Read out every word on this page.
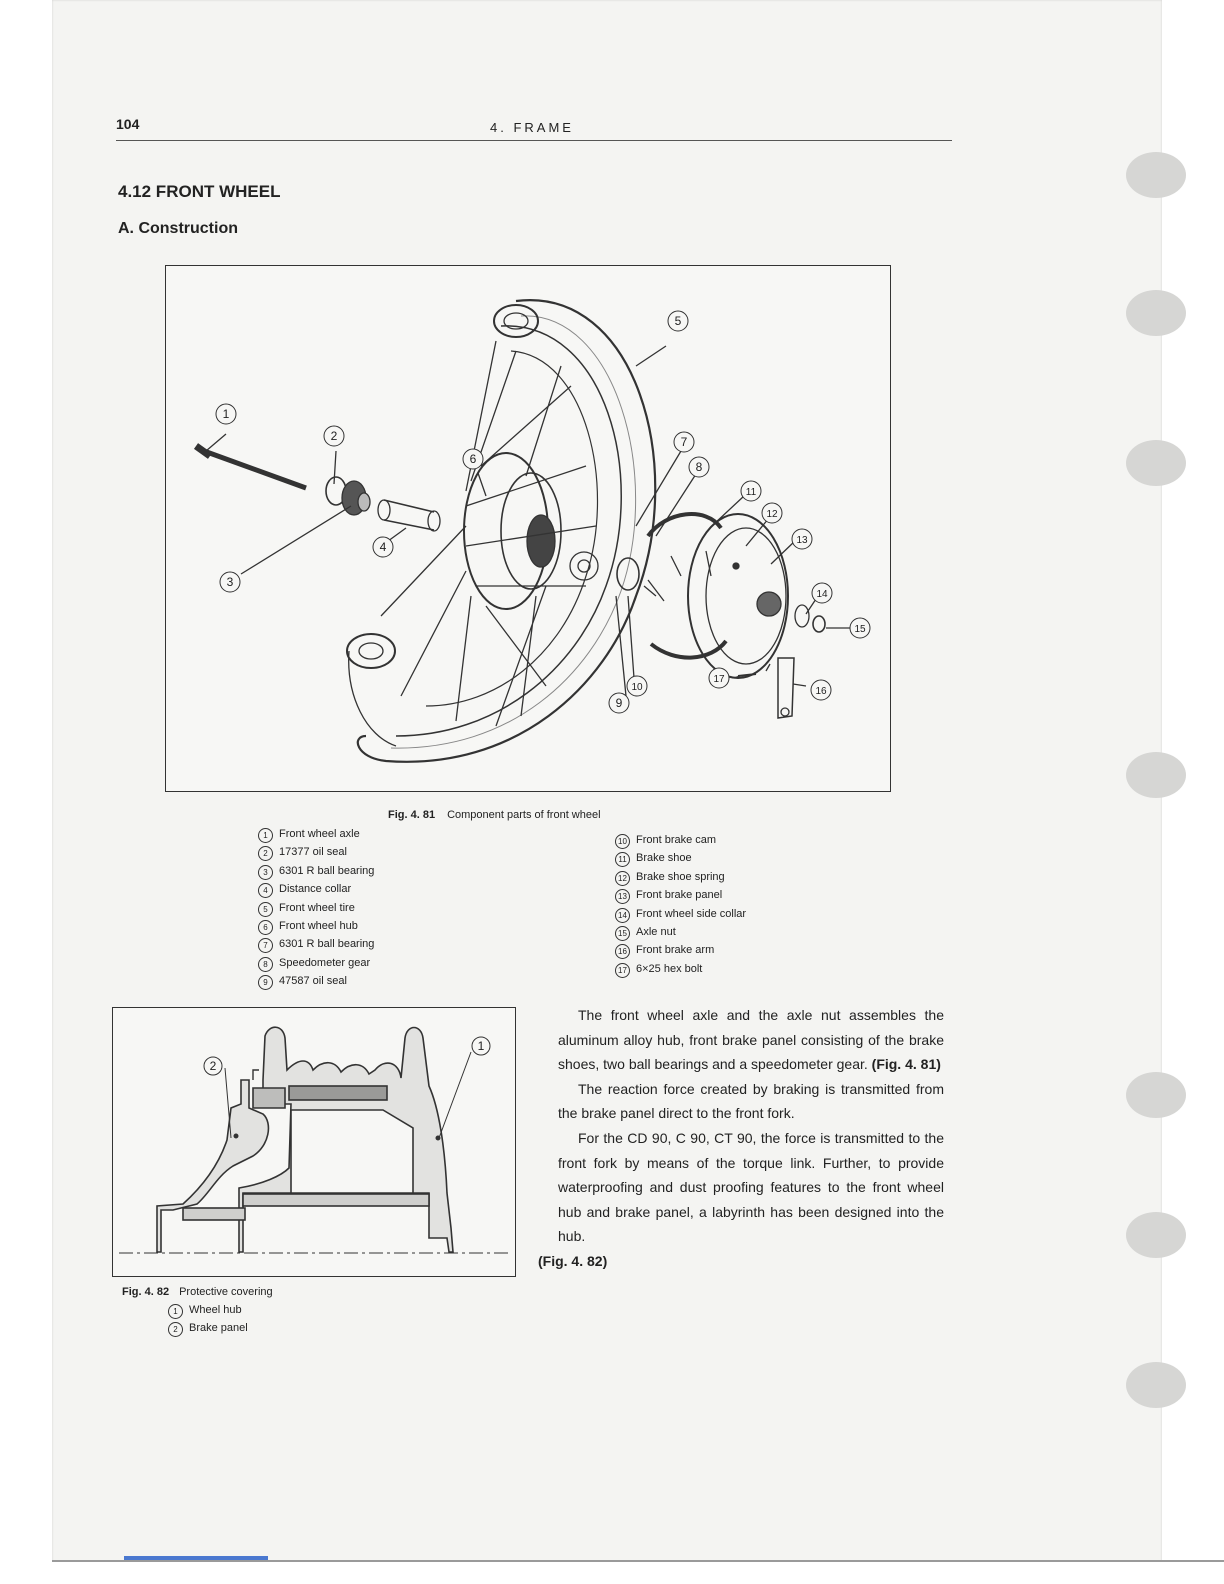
104	4. FRAME
4.12 FRONT WHEEL
A. Construction
1
2
3
4
5
6
7
8
9
10
11
12
13
14
15
16
17
Fig. 4. 81 Component parts of front wheel
1 Front wheel axle
2 17377 oil seal
3 6301 R ball bearing
4 Distance collar
5 Front wheel tire
6 Front wheel hub
7 6301 R ball bearing
8 Speedometer gear
9 47587 oil seal
10 Front brake cam
11 Brake shoe
12 Brake shoe spring
13 Front brake panel
14 Front wheel side collar
15 Axle nut
16 Front brake arm
17 6×25 hex bolt
1
2
Fig. 4. 82 Protective covering
1 Wheel hub
2 Brake panel

The front wheel axle and the axle nut assembles the aluminum alloy hub, front brake panel consisting of the brake shoes, two ball bearings and a speedometer gear. (Fig. 4. 81)

The reaction force created by braking is transmitted from the brake panel direct to the front fork.

For the CD 90, C 90, CT 90, the force is transmitted to the front fork by means of the torque link. Further, to provide waterproofing and dust proofing features to the front wheel hub and brake panel, a labyrinth has been designed into the hub.
(Fig. 4. 82)
